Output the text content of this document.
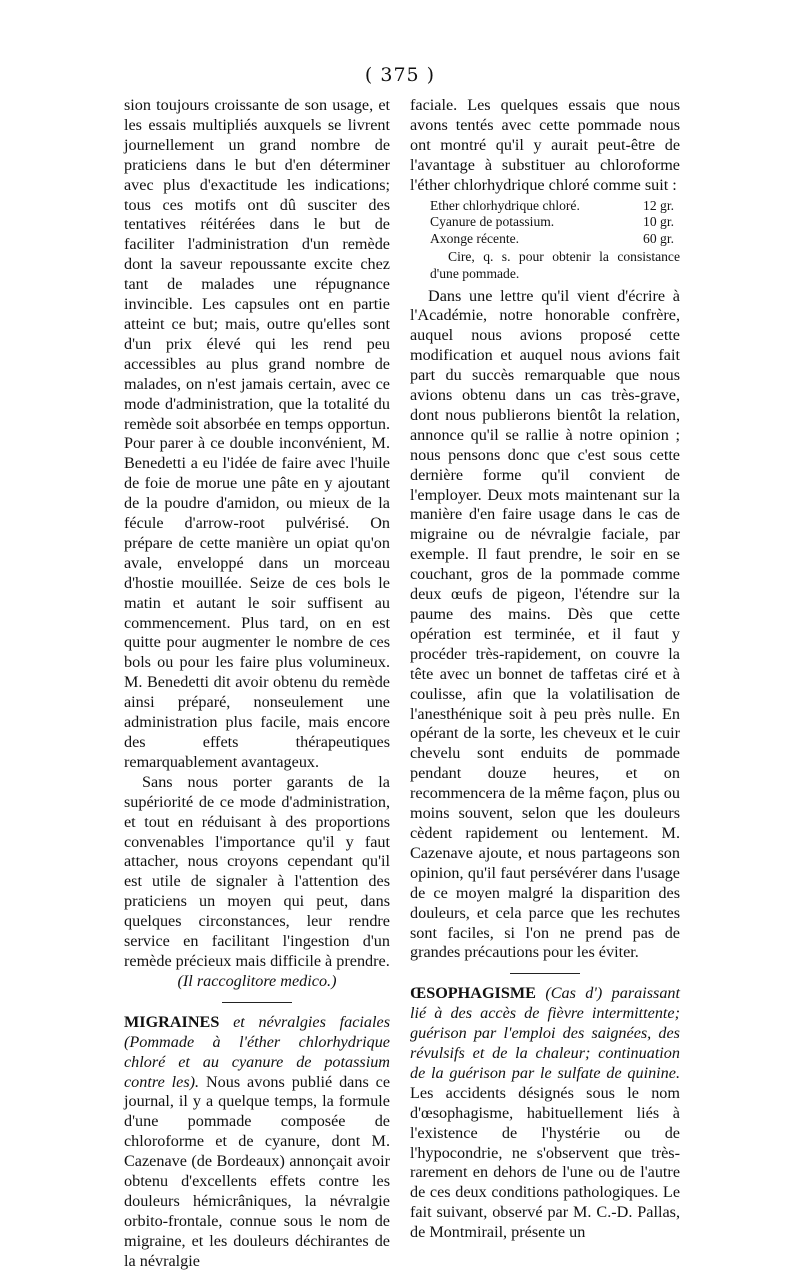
( 375 )

sion toujours croissante de son usage, et les essais multipliés auxquels se livrent journellement un grand nombre de praticiens dans le but d'en déterminer avec plus d'exactitude les indications; tous ces motifs ont dû susciter des tentatives réitérées dans le but de faciliter l'administration d'un remède dont la saveur repoussante excite chez tant de malades une répugnance invincible. Les capsules ont en partie atteint ce but; mais, outre qu'elles sont d'un prix élevé qui les rend peu accessibles au plus grand nombre de malades, on n'est jamais certain, avec ce mode d'administration, que la totalité du remède soit absorbée en temps opportun. Pour parer à ce double inconvénient, M. Benedetti a eu l'idée de faire avec l'huile de foie de morue une pâte en y ajoutant de la poudre d'amidon, ou mieux de la fécule d'arrow-root pulvérisé. On prépare de cette manière un opiat qu'on avale, enveloppé dans un morceau d'hostie mouillée. Seize de ces bols le matin et autant le soir suffisent au commencement. Plus tard, on en est quitte pour augmenter le nombre de ces bols ou pour les faire plus volumineux. M. Benedetti dit avoir obtenu du remède ainsi préparé, nonseulement une administration plus facile, mais encore des effets thérapeutiques remarquablement avantageux.

Sans nous porter garants de la supériorité de ce mode d'administration, et tout en réduisant à des proportions convenables l'importance qu'il y faut attacher, nous croyons cependant qu'il est utile de signaler à l'attention des praticiens un moyen qui peut, dans quelques circonstances, leur rendre service en facilitant l'ingestion d'un remède précieux mais difficile à prendre.

(Il raccoglitore medico.)

MIGRAINES et névralgies faciales (Pommade à l'éther chlorhydrique chloré et au cyanure de potassium contre les). Nous avons publié dans ce journal, il y a quelque temps, la formule d'une pommade composée de chloroforme et de cyanure, dont M. Cazenave (de Bordeaux) annonçait avoir obtenu d'excellents effets contre les douleurs hémicrâniques, la névralgie orbito-frontale, connue sous le nom de migraine, et les douleurs déchirantes de la névralgie

faciale. Les quelques essais que nous avons tentés avec cette pommade nous ont montré qu'il y aurait peut-être de l'avantage à substituer au chloroforme l'éther chlorhydrique chloré comme suit :

Ether chlorhydrique chloré.	12 gr.
Cyanure de potassium.	10 gr.
Axonge récente.	60 gr.
Cire, q. s. pour obtenir la consistance d'une pommade.

Dans une lettre qu'il vient d'écrire à l'Académie, notre honorable confrère, auquel nous avions proposé cette modification et auquel nous avions fait part du succès remarquable que nous avions obtenu dans un cas très-grave, dont nous publierons bientôt la relation, annonce qu'il se rallie à notre opinion ; nous pensons donc que c'est sous cette dernière forme qu'il convient de l'employer. Deux mots maintenant sur la manière d'en faire usage dans le cas de migraine ou de névralgie faciale, par exemple. Il faut prendre, le soir en se couchant, gros de la pommade comme deux œufs de pigeon, l'étendre sur la paume des mains. Dès que cette opération est terminée, et il faut y procéder très-rapidement, on couvre la tête avec un bonnet de taffetas ciré et à coulisse, afin que la volatilisation de l'anesthénique soit à peu près nulle. En opérant de la sorte, les cheveux et le cuir chevelu sont enduits de pommade pendant douze heures, et on recommencera de la même façon, plus ou moins souvent, selon que les douleurs cèdent rapidement ou lentement. M. Cazenave ajoute, et nous partageons son opinion, qu'il faut persévérer dans l'usage de ce moyen malgré la disparition des douleurs, et cela parce que les rechutes sont faciles, si l'on ne prend pas de grandes précautions pour les éviter.

ŒSOPHAGISME (Cas d') paraissant lié à des accès de fièvre intermittente; guérison par l'emploi des saignées, des révulsifs et de la chaleur; continuation de la guérison par le sulfate de quinine. Les accidents désignés sous le nom d'œsophagisme, habituellement liés à l'existence de l'hystérie ou de l'hypocondrie, ne s'observent que très-rarement en dehors de l'une ou de l'autre de ces deux conditions pathologiques. Le fait suivant, observé par M. C.-D. Pallas, de Montmirail, présente un
